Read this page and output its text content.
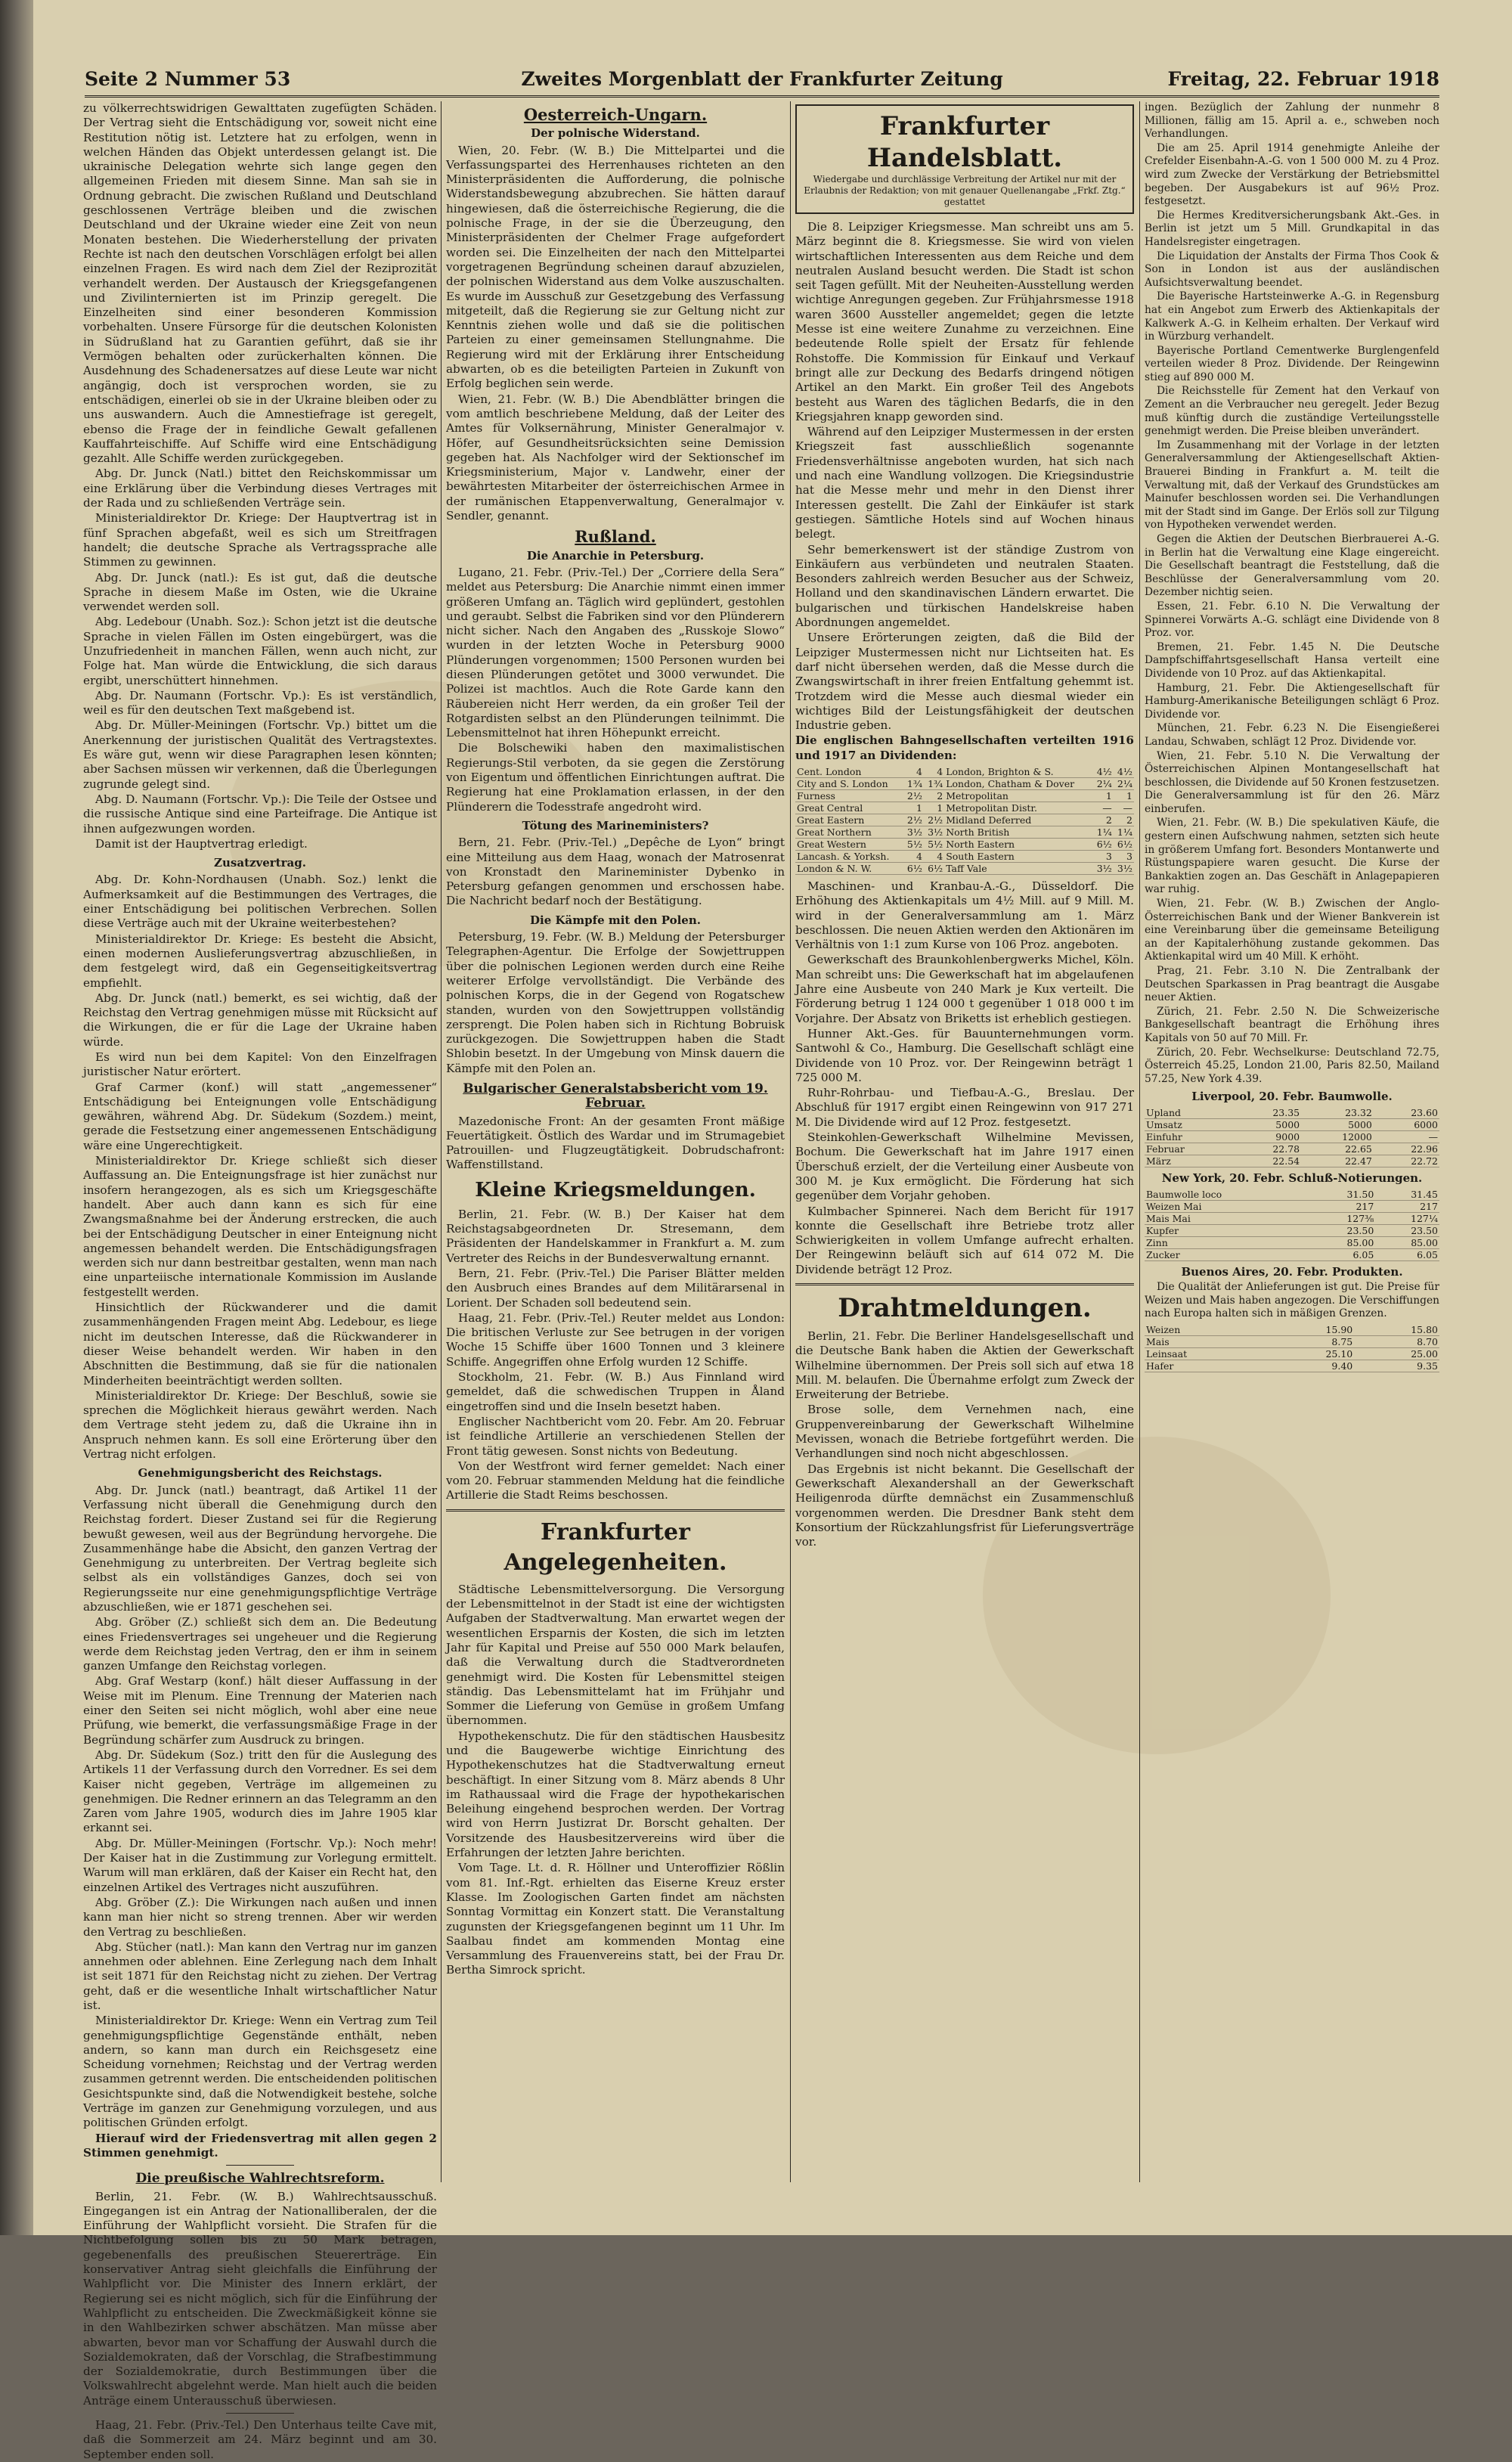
Seite 2 Nummer 53	Zweites Morgenblatt der Frankfurter Zeitung	Freitag, 22. Februar 1918

zu völkerrechtswidrigen Gewalttaten zugefügten Schäden. Der Vertrag sieht die Entschädigung vor, soweit nicht eine Restitution nötig ist. Letztere hat zu erfolgen, wenn in welchen Händen das Objekt unterdessen gelangt ist. Die ukrainische Delegation wehrte sich lange gegen den allgemeinen Frieden mit diesem Sinne. Man sah sie in Ordnung gebracht. Die zwischen Rußland und Deutschland geschlossenen Verträge bleiben und die zwischen Deutschland und der Ukraine wieder eine Zeit von neun Monaten bestehen. Die Wiederherstellung der privaten Rechte ist nach den deutschen Vorschlägen erfolgt bei allen einzelnen Fragen. Es wird nach dem Ziel der Reziprozität verhandelt werden. Der Austausch der Kriegsgefangenen und Zivilinternierten ist im Prinzip geregelt. Die Einzelheiten sind einer besonderen Kommission vorbehalten. Unsere Fürsorge für die deutschen Kolonisten in Südrußland hat zu Garantien geführt, daß sie ihr Vermögen behalten oder zurückerhalten können. Die Ausdehnung des Schadenersatzes auf diese Leute war nicht angängig, doch ist versprochen worden, sie zu entschädigen, einerlei ob sie in der Ukraine bleiben oder zu uns auswandern. Auch die Amnestiefrage ist geregelt, ebenso die Frage der in feindliche Gewalt gefallenen Kauffahrteischiffe. Auf Schiffe wird eine Entschädigung gezahlt. Alle Schiffe werden zurückgegeben.

Abg. Dr. Junck (Natl.) bittet den Reichskommissar um eine Erklärung über die Verbindung dieses Vertrages mit der Rada und zu schließenden Verträge sein.

Ministerialdirektor Dr. Kriege: Der Hauptvertrag ist in fünf Sprachen abgefaßt, weil es sich um Streitfragen handelt; die deutsche Sprache als Vertragssprache alle Stimmen zu gewinnen.

Abg. Dr. Junck (natl.): Es ist gut, daß die deutsche Sprache in diesem Maße im Osten, wie die Ukraine verwendet werden soll.

Abg. Ledebour (Unabh. Soz.): Schon jetzt ist die deutsche Sprache in vielen Fällen im Osten eingebürgert, was die Unzufriedenheit in manchen Fällen, wenn auch nicht, zur Folge hat. Man würde die Entwicklung, die sich daraus ergibt, unerschüttert hinnehmen.

Abg. Dr. Naumann (Fortschr. Vp.): Es ist verständlich, weil es für den deutschen Text maßgebend ist.

Abg. Dr. Müller-Meiningen (Fortschr. Vp.) bittet um die Anerkennung der juristischen Qualität des Vertragstextes. Es wäre gut, wenn wir diese Paragraphen lesen könnten; aber Sachsen müssen wir verkennen, daß die Überlegungen zugrunde gelegt sind.

Abg. D. Naumann (Fortschr. Vp.): Die Teile der Ostsee und die russische Antique sind eine Parteifrage. Die Antique ist ihnen aufgezwungen worden.

Damit ist der Hauptvertrag erledigt.

Zusatzvertrag.

Abg. Dr. Kohn-Nordhausen (Unabh. Soz.) lenkt die Aufmerksamkeit auf die Bestimmungen des Vertrages, die einer Entschädigung bei politischen Verbrechen. Sollen diese Verträge auch mit der Ukraine weiterbestehen?

Ministerialdirektor Dr. Kriege: Es besteht die Absicht, einen modernen Auslieferungsvertrag abzuschließen, in dem festgelegt wird, daß ein Gegenseitigkeitsvertrag empfiehlt.

Abg. Dr. Junck (natl.) bemerkt, es sei wichtig, daß der Reichstag den Vertrag genehmigen müsse mit Rücksicht auf die Wirkungen, die er für die Lage der Ukraine haben würde.

Es wird nun bei dem Kapitel: Von den Einzelfragen juristischer Natur erörtert.

Graf Carmer (konf.) will statt „angemessener“ Entschädigung bei Enteignungen volle Entschädigung gewähren, während Abg. Dr. Südekum (Sozdem.) meint, gerade die Festsetzung einer angemessenen Entschädigung wäre eine Ungerechtigkeit.

Ministerialdirektor Dr. Kriege schließt sich dieser Auffassung an. Die Enteignungsfrage ist hier zunächst nur insofern herangezogen, als es sich um Kriegsgeschäfte handelt. Aber auch dann kann es sich für eine Zwangsmaßnahme bei der Änderung erstrecken, die auch bei der Entschädigung Deutscher in einer Enteignung nicht angemessen behandelt werden. Die Entschädigungsfragen werden sich nur dann bestreitbar gestalten, wenn man nach eine unparteiische internationale Kommission im Auslande festgestellt werden.

Hinsichtlich der Rückwanderer und die damit zusammenhängenden Fragen meint Abg. Ledebour, es liege nicht im deutschen Interesse, daß die Rückwanderer in dieser Weise behandelt werden. Wir haben in den Abschnitten die Bestimmung, daß sie für die nationalen Minderheiten beeinträchtigt werden sollten.

Ministerialdirektor Dr. Kriege: Der Beschluß, sowie sie sprechen die Möglichkeit hieraus gewährt werden. Nach dem Vertrage steht jedem zu, daß die Ukraine ihn in Anspruch nehmen kann. Es soll eine Erörterung über den Vertrag nicht erfolgen.

Genehmigungsbericht des Reichstags.

Abg. Dr. Junck (natl.) beantragt, daß Artikel 11 der Verfassung nicht überall die Genehmigung durch den Reichstag fordert. Dieser Zustand sei für die Regierung bewußt gewesen, weil aus der Begründung hervorgehe. Die Zusammenhänge habe die Absicht, den ganzen Vertrag der Genehmigung zu unterbreiten. Der Vertrag begleite sich selbst als ein vollständiges Ganzes, doch sei von Regierungsseite nur eine genehmigungspflichtige Verträge abzuschließen, wie er 1871 geschehen sei.

Abg. Gröber (Z.) schließt sich dem an. Die Bedeutung eines Friedensvertrages sei ungeheuer und die Regierung werde dem Reichstag jeden Vertrag, den er ihm in seinem ganzen Umfange den Reichstag vorlegen.

Abg. Graf Westarp (konf.) hält dieser Auffassung in der Weise mit im Plenum. Eine Trennung der Materien nach einer den Seiten sei nicht möglich, wohl aber eine neue Prüfung, wie bemerkt, die verfassungsmäßige Frage in der Begründung schärfer zum Ausdruck zu bringen.

Abg. Dr. Südekum (Soz.) tritt den für die Auslegung des Artikels 11 der Verfassung durch den Vorredner. Es sei dem Kaiser nicht gegeben, Verträge im allgemeinen zu genehmigen. Die Redner erinnern an das Telegramm an den Zaren vom Jahre 1905, wodurch dies im Jahre 1905 klar erkannt sei.

Abg. Dr. Müller-Meiningen (Fortschr. Vp.): Noch mehr! Der Kaiser hat in die Zustimmung zur Vorlegung ermittelt. Warum will man erklären, daß der Kaiser ein Recht hat, den einzelnen Artikel des Vertrages nicht auszuführen.

Abg. Gröber (Z.): Die Wirkungen nach außen und innen kann man hier nicht so streng trennen. Aber wir werden den Vertrag zu beschließen.

Abg. Stücher (natl.): Man kann den Vertrag nur im ganzen annehmen oder ablehnen. Eine Zerlegung nach dem Inhalt ist seit 1871 für den Reichstag nicht zu ziehen. Der Vertrag geht, daß er die wesentliche Inhalt wirtschaftlicher Natur ist.

Ministerialdirektor Dr. Kriege: Wenn ein Vertrag zum Teil genehmigungspflichtige Gegenstände enthält, neben andern, so kann man durch ein Reichsgesetz eine Scheidung vornehmen; Reichstag und der Vertrag werden zusammen getrennt werden. Die entscheidenden politischen Gesichtspunkte sind, daß die Notwendigkeit bestehe, solche Verträge im ganzen zur Genehmigung vorzulegen, und aus politischen Gründen erfolgt.

Hierauf wird der Friedensvertrag mit allen gegen 2 Stimmen genehmigt.

Die preußische Wahlrechtsreform.

Berlin, 21. Febr. (W. B.) Wahlrechtsausschuß. Eingegangen ist ein Antrag der Nationalliberalen, der die Einführung der Wahlpflicht vorsieht. Die Strafen für die Nichtbefolgung sollen bis zu 50 Mark betragen, gegebenenfalls des preußischen Steuererträge. Ein konservativer Antrag sieht gleichfalls die Einführung der Wahlpflicht vor. Die Minister des Innern erklärt, der Regierung sei es nicht möglich, sich für die Einführung der Wahlpflicht zu entscheiden. Die Zweckmäßigkeit könne sie in den Wahlbezirken schwer abschätzen. Man müsse aber abwarten, bevor man vor Schaffung der Auswahl durch die Sozialdemokraten, daß der Vorschlag, die Strafbestimmung der Sozialdemokratie, durch Bestimmungen über die Volkswahlrecht abgelehnt werde. Man hielt auch die beiden Anträge einem Unterausschuß überwiesen.

Haag, 21. Febr. (Priv.-Tel.) Den Unterhaus teilte Cave mit, daß die Sommerzeit am 24. März beginnt und am 30. September enden soll.

Oesterreich-Ungarn.
Der polnische Widerstand.

Wien, 20. Febr. (W. B.) Die Mittelpartei und die Verfassungspartei des Herrenhauses richteten an den Ministerpräsidenten die Aufforderung, die polnische Widerstandsbewegung abzubrechen. Sie hätten darauf hingewiesen, daß die österreichische Regierung, die die polnische Frage, in der sie die Überzeugung, den Ministerpräsidenten der Chelmer Frage aufgefordert worden sei. Die Einzelheiten der nach den Mittelpartei vorgetragenen Begründung scheinen darauf abzuzielen, der polnischen Widerstand aus dem Volke auszuschalten. Es wurde im Ausschuß zur Gesetzgebung des Verfassung mitgeteilt, daß die Regierung sie zur Geltung nicht zur Kenntnis ziehen wolle und daß sie die politischen Parteien zu einer gemeinsamen Stellungnahme. Die Regierung wird mit der Erklärung ihrer Entscheidung abwarten, ob es die beteiligten Parteien in Zukunft von Erfolg beglichen sein werde.

Wien, 21. Febr. (W. B.) Die Abendblätter bringen die vom amtlich beschriebene Meldung, daß der Leiter des Amtes für Volksernährung, Minister Generalmajor v. Höfer, auf Gesundheitsrücksichten seine Demission gegeben hat. Als Nachfolger wird der Sektionschef im Kriegsministerium, Major v. Landwehr, einer der bewährtesten Mitarbeiter der österreichischen Armee in der rumänischen Etappenverwaltung, Generalmajor v. Sendler, genannt.

Rußland.
Die Anarchie in Petersburg.

Lugano, 21. Febr. (Priv.-Tel.) Der „Corriere della Sera“ meldet aus Petersburg: Die Anarchie nimmt einen immer größeren Umfang an. Täglich wird geplündert, gestohlen und geraubt. Selbst die Fabriken sind vor den Plünderern nicht sicher. Nach den Angaben des „Russkoje Slowo“ wurden in der letzten Woche in Petersburg 9000 Plünderungen vorgenommen; 1500 Personen wurden bei diesen Plünderungen getötet und 3000 verwundet. Die Polizei ist machtlos. Auch die Rote Garde kann den Räubereien nicht Herr werden, da ein großer Teil der Rotgardisten selbst an den Plünderungen teilnimmt. Die Lebensmittelnot hat ihren Höhepunkt erreicht.

Die Bolschewiki haben den maximalistischen Regierungs-Stil verboten, da sie gegen die Zerstörung von Eigentum und öffentlichen Einrichtungen auftrat. Die Regierung hat eine Proklamation erlassen, in der den Plünderern die Todesstrafe angedroht wird.

Tötung des Marineministers?

Bern, 21. Febr. (Priv.-Tel.) „Depêche de Lyon“ bringt eine Mitteilung aus dem Haag, wonach der Matrosenrat von Kronstadt den Marineminister Dybenko in Petersburg gefangen genommen und erschossen habe. Die Nachricht bedarf noch der Bestätigung.

Die Kämpfe mit den Polen.

Petersburg, 19. Febr. (W. B.) Meldung der Petersburger Telegraphen-Agentur. Die Erfolge der Sowjettruppen über die polnischen Legionen werden durch eine Reihe weiterer Erfolge vervollständigt. Die Verbände des polnischen Korps, die in der Gegend von Rogatschew standen, wurden von den Sowjettruppen vollständig zersprengt. Die Polen haben sich in Richtung Bobruisk zurückgezogen. Die Sowjettruppen haben die Stadt Shlobin besetzt. In der Umgebung von Minsk dauern die Kämpfe mit den Polen an.

Bulgarischer Generalstabsbericht vom 19. Februar.

Mazedonische Front: An der gesamten Front mäßige Feuertätigkeit. Östlich des Wardar und im Strumagebiet Patrouillen- und Flugzeugtätigkeit. Dobrudschafront: Waffenstillstand.

Kleine Kriegsmeldungen.

Berlin, 21. Febr. (W. B.) Der Kaiser hat dem Reichstagsabgeordneten Dr. Stresemann, dem Präsidenten der Handelskammer in Frankfurt a. M. zum Vertreter des Reichs in der Bundesverwaltung ernannt.

Bern, 21. Febr. (Priv.-Tel.) Die Pariser Blätter melden den Ausbruch eines Brandes auf dem Militärarsenal in Lorient. Der Schaden soll bedeutend sein.

Haag, 21. Febr. (Priv.-Tel.) Reuter meldet aus London: Die britischen Verluste zur See betrugen in der vorigen Woche 15 Schiffe über 1600 Tonnen und 3 kleinere Schiffe. Angegriffen ohne Erfolg wurden 12 Schiffe.

Stockholm, 21. Febr. (W. B.) Aus Finnland wird gemeldet, daß die schwedischen Truppen in Åland eingetroffen sind und die Inseln besetzt haben.

Englischer Nachtbericht vom 20. Febr. Am 20. Februar ist feindliche Artillerie an verschiedenen Stellen der Front tätig gewesen. Sonst nichts von Bedeutung.

Von der Westfront wird ferner gemeldet: Nach einer vom 20. Februar stammenden Meldung hat die feindliche Artillerie die Stadt Reims beschossen.

Frankfurter Angelegenheiten.

Städtische Lebensmittelversorgung. Die Versorgung der Lebensmittelnot in der Stadt ist eine der wichtigsten Aufgaben der Stadtverwaltung. Man erwartet wegen der wesentlichen Ersparnis der Kosten, die sich im letzten Jahr für Kapital und Preise auf 550 000 Mark belaufen, daß die Verwaltung durch die Stadtverordneten genehmigt wird. Die Kosten für Lebensmittel steigen ständig. Das Lebensmittelamt hat im Frühjahr und Sommer die Lieferung von Gemüse in großem Umfang übernommen.

Hypothekenschutz. Die für den städtischen Hausbesitz und die Baugewerbe wichtige Einrichtung des Hypothekenschutzes hat die Stadtverwaltung erneut beschäftigt. In einer Sitzung vom 8. März abends 8 Uhr im Rathaussaal wird die Frage der hypothekarischen Beleihung eingehend besprochen werden. Der Vortrag wird von Herrn Justizrat Dr. Borscht gehalten. Der Vorsitzende des Hausbesitzervereins wird über die Erfahrungen der letzten Jahre berichten.

Vom Tage. Lt. d. R. Höllner und Unteroffizier Rößlin vom 81. Inf.-Rgt. erhielten das Eiserne Kreuz erster Klasse. Im Zoologischen Garten findet am nächsten Sonntag Vormittag ein Konzert statt. Die Veranstaltung zugunsten der Kriegsgefangenen beginnt um 11 Uhr. Im Saalbau findet am kommenden Montag eine Versammlung des Frauenvereins statt, bei der Frau Dr. Bertha Simrock spricht.

Frankfurter Handelsblatt.
Wiedergabe und durchlässige Verbreitung der Artikel nur mit der Erlaubnis der Redaktion; von mit genauer Quellenangabe „Frkf. Ztg.“ gestattet

Die 8. Leipziger Kriegsmesse. Man schreibt uns am 5. März beginnt die 8. Kriegsmesse. Sie wird von vielen wirtschaftlichen Interessenten aus dem Reiche und dem neutralen Ausland besucht werden. Die Stadt ist schon seit Tagen gefüllt. Mit der Neuheiten-Ausstellung werden wichtige Anregungen gegeben. Zur Frühjahrsmesse 1918 waren 3600 Aussteller angemeldet; gegen die letzte Messe ist eine weitere Zunahme zu verzeichnen. Eine bedeutende Rolle spielt der Ersatz für fehlende Rohstoffe. Die Kommission für Einkauf und Verkauf bringt alle zur Deckung des Bedarfs dringend nötigen Artikel an den Markt. Ein großer Teil des Angebots besteht aus Waren des täglichen Bedarfs, die in den Kriegsjahren knapp geworden sind.

Während auf den Leipziger Mustermessen in der ersten Kriegszeit fast ausschließlich sogenannte Friedensverhältnisse angeboten wurden, hat sich nach und nach eine Wandlung vollzogen. Die Kriegsindustrie hat die Messe mehr und mehr in den Dienst ihrer Interessen gestellt. Die Zahl der Einkäufer ist stark gestiegen. Sämtliche Hotels sind auf Wochen hinaus belegt.

Sehr bemerkenswert ist der ständige Zustrom von Einkäufern aus verbündeten und neutralen Staaten. Besonders zahlreich werden Besucher aus der Schweiz, Holland und den skandinavischen Ländern erwartet. Die bulgarischen und türkischen Handelskreise haben Abordnungen angemeldet.

Unsere Erörterungen zeigten, daß die Bild der Leipziger Mustermessen nicht nur Lichtseiten hat. Es darf nicht übersehen werden, daß die Messe durch die Zwangswirtschaft in ihrer freien Entfaltung gehemmt ist. Trotzdem wird die Messe auch diesmal wieder ein wichtiges Bild der Leistungsfähigkeit der deutschen Industrie geben.

Die englischen Bahngesellschaften verteilten 1916 und 1917 an Dividenden:

Cent. London	4	4	London, Brighton & S.	4½	4½
City and S. London	1¾	1¾	London, Chatham & Dover	2¼	2¼
Furness	2½	2	Metropolitan	1	1
Great Central	1	1	Metropolitan Distr.	—	—
Great Eastern	2½	2½	Midland Deferred	2	2
Great Northern	3½	3½	North British	1¼	1¼
Great Western	5½	5½	North Eastern	6½	6½
Lancash. & Yorksh.	4	4	South Eastern	3	3
London & N. W.	6½	6½	Taff Vale	3½	3½

Maschinen- und Kranbau-A.-G., Düsseldorf. Die Erhöhung des Aktienkapitals um 4½ Mill. auf 9 Mill. M. wird in der Generalversammlung am 1. März beschlossen. Die neuen Aktien werden den Aktionären im Verhältnis von 1:1 zum Kurse von 106 Proz. angeboten.

Gewerkschaft des Braunkohlenbergwerks Michel, Köln. Man schreibt uns: Die Gewerkschaft hat im abgelaufenen Jahre eine Ausbeute von 240 Mark je Kux verteilt. Die Förderung betrug 1 124 000 t gegenüber 1 018 000 t im Vorjahre. Der Absatz von Briketts ist erheblich gestiegen.

Hunner Akt.-Ges. für Bauunternehmungen vorm. Santwohl & Co., Hamburg. Die Gesellschaft schlägt eine Dividende von 10 Proz. vor. Der Reingewinn beträgt 1 725 000 M.

Ruhr-Rohrbau- und Tiefbau-A.-G., Breslau. Der Abschluß für 1917 ergibt einen Reingewinn von 917 271 M. Die Dividende wird auf 12 Proz. festgesetzt.

Steinkohlen-Gewerkschaft Wilhelmine Mevissen, Bochum. Die Gewerkschaft hat im Jahre 1917 einen Überschuß erzielt, der die Verteilung einer Ausbeute von 300 M. je Kux ermöglicht. Die Förderung hat sich gegenüber dem Vorjahr gehoben.

Kulmbacher Spinnerei. Nach dem Bericht für 1917 konnte die Gesellschaft ihre Betriebe trotz aller Schwierigkeiten in vollem Umfange aufrecht erhalten. Der Reingewinn beläuft sich auf 614 072 M. Die Dividende beträgt 12 Proz.

Drahtmeldungen.

Berlin, 21. Febr. Die Berliner Handelsgesellschaft und die Deutsche Bank haben die Aktien der Gewerkschaft Wilhelmine übernommen. Der Preis soll sich auf etwa 18 Mill. M. belaufen. Die Übernahme erfolgt zum Zweck der Erweiterung der Betriebe.

Brose solle, dem Vernehmen nach, eine Gruppenvereinbarung der Gewerkschaft Wilhelmine Mevissen, wonach die Betriebe fortgeführt werden. Die Verhandlungen sind noch nicht abgeschlossen.

Das Ergebnis ist nicht bekannt. Die Gesellschaft der Gewerkschaft Alexandershall an der Gewerkschaft Heiligenroda dürfte demnächst ein Zusammenschluß vorgenommen werden. Die Dresdner Bank steht dem Konsortium der Rückzahlungsfrist für Lieferungsverträge vor.

ingen. Bezüglich der Zahlung der nunmehr 8 Millionen, fällig am 15. April a. e., schweben noch Verhandlungen.

Die am 25. April 1914 genehmigte Anleihe der Crefelder Eisenbahn-A.-G. von 1 500 000 M. zu 4 Proz. wird zum Zwecke der Verstärkung der Betriebsmittel begeben. Der Ausgabekurs ist auf 96½ Proz. festgesetzt.

Die Hermes Kreditversicherungsbank Akt.-Ges. in Berlin ist jetzt um 5 Mill. Grundkapital in das Handelsregister eingetragen.

Die Liquidation der Anstalts der Firma Thos Cook & Son in London ist aus der ausländischen Aufsichtsverwaltung beendet.

Die Bayerische Hartsteinwerke A.-G. in Regensburg hat ein Angebot zum Erwerb des Aktienkapitals der Kalkwerk A.-G. in Kelheim erhalten. Der Verkauf wird in Würzburg verhandelt.

Bayerische Portland Cementwerke Burglengenfeld verteilen wieder 8 Proz. Dividende. Der Reingewinn stieg auf 890 000 M.

Die Reichsstelle für Zement hat den Verkauf von Zement an die Verbraucher neu geregelt. Jeder Bezug muß künftig durch die zuständige Verteilungsstelle genehmigt werden. Die Preise bleiben unverändert.

Im Zusammenhang mit der Vorlage in der letzten Generalversammlung der Aktiengesellschaft Aktien-Brauerei Binding in Frankfurt a. M. teilt die Verwaltung mit, daß der Verkauf des Grundstückes am Mainufer beschlossen worden sei. Die Verhandlungen mit der Stadt sind im Gange. Der Erlös soll zur Tilgung von Hypotheken verwendet werden.

Gegen die Aktien der Deutschen Bierbrauerei A.-G. in Berlin hat die Verwaltung eine Klage eingereicht. Die Gesellschaft beantragt die Feststellung, daß die Beschlüsse der Generalversammlung vom 20. Dezember nichtig seien.

Essen, 21. Febr. 6.10 N. Die Verwaltung der Spinnerei Vorwärts A.-G. schlägt eine Dividende von 8 Proz. vor.

Bremen, 21. Febr. 1.45 N. Die Deutsche Dampfschiffahrtsgesellschaft Hansa verteilt eine Dividende von 10 Proz. auf das Aktienkapital.

Hamburg, 21. Febr. Die Aktiengesellschaft für Hamburg-Amerikanische Beteiligungen schlägt 6 Proz. Dividende vor.

München, 21. Febr. 6.23 N. Die Eisengießerei Landau, Schwaben, schlägt 12 Proz. Dividende vor.

Wien, 21. Febr. 5.10 N. Die Verwaltung der Österreichischen Alpinen Montangesellschaft hat beschlossen, die Dividende auf 50 Kronen festzusetzen. Die Generalversammlung ist für den 26. März einberufen.

Wien, 21. Febr. (W. B.) Die spekulativen Käufe, die gestern einen Aufschwung nahmen, setzten sich heute in größerem Umfang fort. Besonders Montanwerte und Rüstungspapiere waren gesucht. Die Kurse der Bankaktien zogen an. Das Geschäft in Anlagepapieren war ruhig.

Wien, 21. Febr. (W. B.) Zwischen der Anglo-Österreichischen Bank und der Wiener Bankverein ist eine Vereinbarung über die gemeinsame Beteiligung an der Kapitalerhöhung zustande gekommen. Das Aktienkapital wird um 40 Mill. K erhöht.

Prag, 21. Febr. 3.10 N. Die Zentralbank der Deutschen Sparkassen in Prag beantragt die Ausgabe neuer Aktien.

Zürich, 21. Febr. 2.50 N. Die Schweizerische Bankgesellschaft beantragt die Erhöhung ihres Kapitals von 50 auf 70 Mill. Fr.

Zürich, 20. Febr. Wechselkurse: Deutschland 72.75, Österreich 45.25, London 21.00, Paris 82.50, Mailand 57.25, New York 4.39.

Liverpool, 20. Febr. Baumwolle.
Upland	23.35	23.32	23.60
Umsatz	5000	5000	6000
Einfuhr	9000	12000	—
Februar	22.78	22.65	22.96
März	22.54	22.47	22.72
New York, 20. Febr. Schluß-Notierungen.
Baumwolle loco	31.50	31.45
Weizen Mai	217	217
Mais Mai	127⅜	127¼
Kupfer	23.50	23.50
Zinn	85.00	85.00
Zucker	6.05	6.05
Buenos Aires, 20. Febr. Produkten.

Die Qualität der Anlieferungen ist gut. Die Preise für Weizen und Mais haben angezogen. Die Verschiffungen nach Europa halten sich in mäßigen Grenzen.

Weizen	15.90	15.80
Mais	8.75	8.70
Leinsaat	25.10	25.00
Hafer	9.40	9.35
